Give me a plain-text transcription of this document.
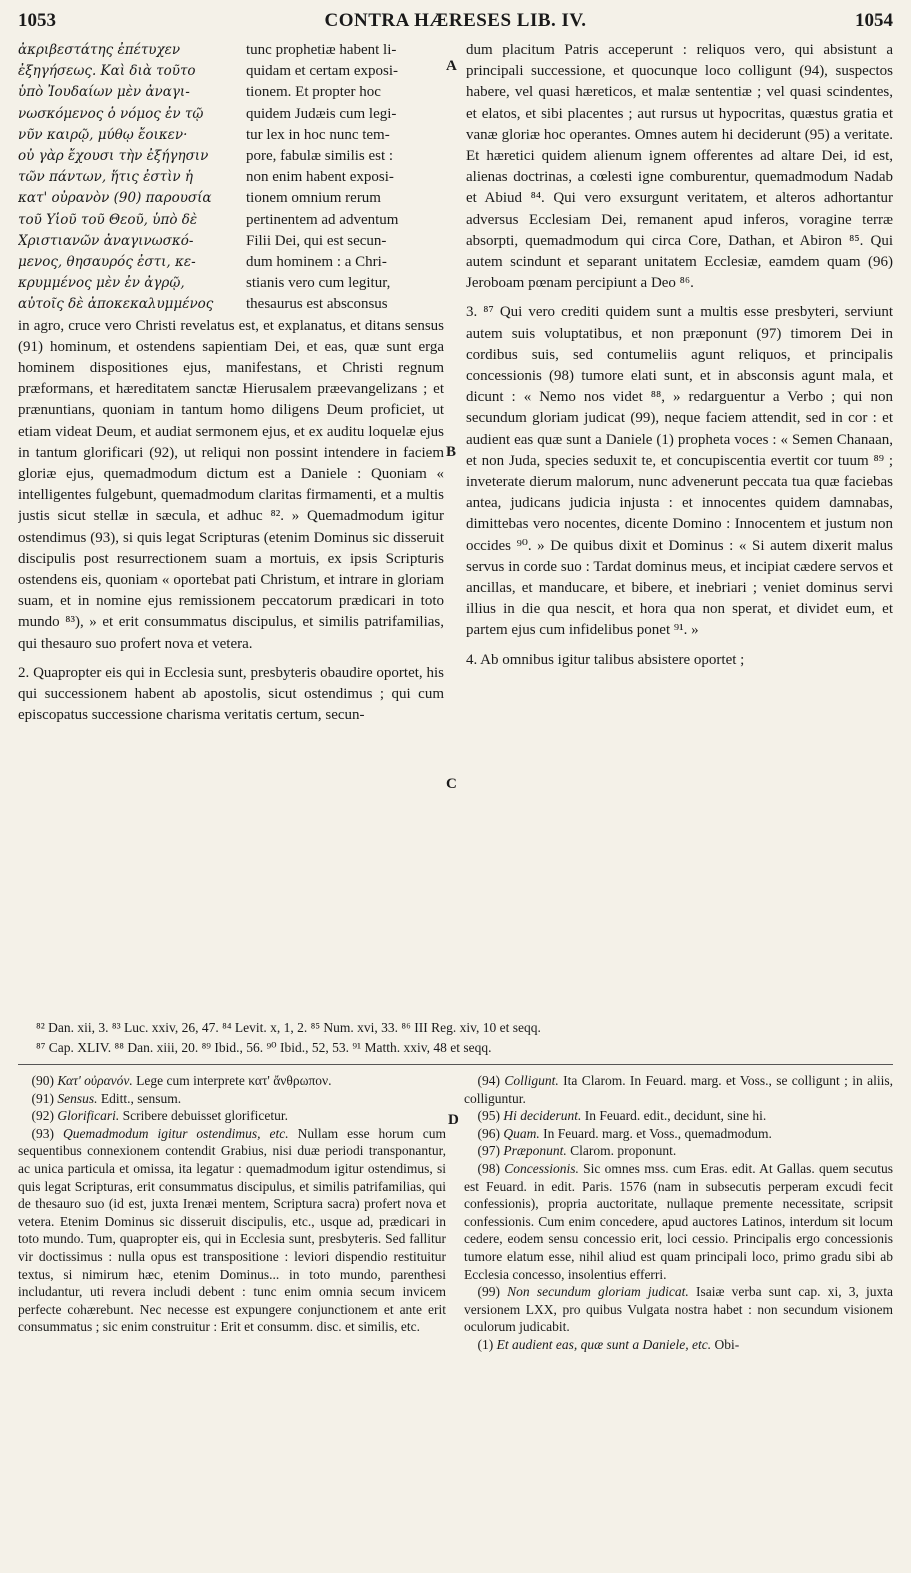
1053	CONTRA HÆRESES LIB. IV.	1054
A
B
C
ἀκριβεστάτης ἐπέτυχεν
ἐξηγήσεως. Καὶ διὰ τοῦτο
ὑπὸ Ἰουδαίων μὲν ἀναγι-
νωσκόμενος ὁ νόμος ἐν τῷ
νῦν καιρῷ, μύθῳ ἔοικεν·
οὐ γὰρ ἔχουσι τὴν ἐξήγησιν
τῶν πάντων, ἥτις ἐστὶν ἡ
κατ' οὐρανὸν (90) παρουσία
τοῦ Υἱοῦ τοῦ Θεοῦ, ὑπὸ δὲ
Χριστιανῶν ἀναγινωσκό-
μενος, θησαυρός ἐστι, κε-
κρυμμένος μὲν ἐν ἀγρῷ,
αὐτοῖς δὲ ἀποκεκαλυμμένος
tunc prophetiæ habent li-
quidam et certam exposi-
tionem. Et propter hoc
quidem Judæis cum legi-
tur lex in hoc nunc tem-
pore, fabulæ similis est :
non enim habent exposi-
tionem omnium rerum
pertinentem ad adventum
Filii Dei, qui est secun-
dum hominem : a Chri-
stianis vero cum legitur,
thesaurus est absconsus

in agro, cruce vero Christi revelatus est, et explanatus, et ditans sensus (91) hominum, et ostendens sapientiam Dei, et eas, quæ sunt erga hominem dispositiones ejus, manifestans, et Christi regnum præformans, et hæreditatem sanctæ Hierusalem præevangelizans ; et prænuntians, quoniam in tantum homo diligens Deum proficiet, ut etiam videat Deum, et audiat sermonem ejus, et ex auditu loquelæ ejus in tantum glorificari (92), ut reliqui non possint intendere in faciem gloriæ ejus, quemadmodum dictum est a Daniele : Quoniam « intelligentes fulgebunt, quemadmodum claritas firmamenti, et a multis justis sicut stellæ in sæcula, et adhuc ⁸². » Quemadmodum igitur ostendimus (93), si quis legat Scripturas (etenim Dominus sic disseruit discipulis post resurrectionem suam a mortuis, ex ipsis Scripturis ostendens eis, quoniam « oportebat pati Christum, et intrare in gloriam suam, et in nomine ejus remissionem peccatorum prædicari in toto mundo ⁸³), » et erit consummatus discipulus, et similis patrifamilias, qui thesauro suo profert nova et vetera.

2. Quapropter eis qui in Ecclesia sunt, presbyteris obaudire oportet, his qui successionem habent ab apostolis, sicut ostendimus ; qui cum episcopatus successione charisma veritatis certum, secun-

dum placitum Patris acceperunt : reliquos vero, qui absistunt a principali successione, et quocunque loco colligunt (94), suspectos habere, vel quasi hæreticos, et malæ sententiæ ; vel quasi scindentes, et elatos, et sibi placentes ; aut rursus ut hypocritas, quæstus gratia et vanæ gloriæ hoc operantes. Omnes autem hi deciderunt (95) a veritate. Et hæretici quidem alienum ignem offerentes ad altare Dei, id est, alienas doctrinas, a cœlesti igne comburentur, quemadmodum Nadab et Abiud ⁸⁴. Qui vero exsurgunt veritatem, et alteros adhortantur adversus Ecclesiam Dei, remanent apud inferos, voragine terræ absorpti, quemadmodum qui circa Core, Dathan, et Abiron ⁸⁵. Qui autem scindunt et separant unitatem Ecclesiæ, eamdem quam (96) Jeroboam pœnam percipiunt a Deo ⁸⁶.

3. ⁸⁷ Qui vero crediti quidem sunt a multis esse presbyteri, serviunt autem suis voluptatibus, et non præponunt (97) timorem Dei in cordibus suis, sed contumeliis agunt reliquos, et principalis concessionis (98) tumore elati sunt, et in absconsis agunt mala, et dicunt : « Nemo nos videt ⁸⁸, » redarguentur a Verbo ; qui non secundum gloriam judicat (99), neque faciem attendit, sed in cor : et audient eas quæ sunt a Daniele (1) propheta voces : « Semen Chanaan, et non Juda, species seduxit te, et concupiscentia evertit cor tuum ⁸⁹ ; inveterate dierum malorum, nunc advenerunt peccata tua quæ faciebas antea, judicans judicia injusta : et innocentes quidem damnabas, dimittebas vero nocentes, dicente Domino : Innocentem et justum non occides ⁹⁰. » De quibus dixit et Dominus : « Si autem dixerit malus servus in corde suo : Tardat dominus meus, et incipiat cædere servos et ancillas, et manducare, et bibere, et inebriari ; veniet dominus servi illius in die qua nescit, et hora qua non sperat, et dividet eum, et partem ejus cum infidelibus ponet ⁹¹. »

4. Ab omnibus igitur talibus absistere oportet ;

⁸² Dan. xii, 3. ⁸³ Luc. xxiv, 26, 47. ⁸⁴ Levit. x, 1, 2. ⁸⁵ Num. xvi, 33. ⁸⁶ III Reg. xiv, 10 et seqq.
⁸⁷ Cap. XLIV. ⁸⁸ Dan. xiii, 20. ⁸⁹ Ibid., 56. ⁹⁰ Ibid., 52, 53. ⁹¹ Matth. xxiv, 48 et seqq.
D

 (90) Κατ' οὐρανόν. Lege cum interprete κατ' ἄνθρωπον.

 (91) Sensus. Editt., sensum.

 (92) Glorificari. Scribere debuisset glorificetur.

 (93) Quemadmodum igitur ostendimus, etc. Nullam esse horum cum sequentibus connexionem contendit Grabius, nisi duæ periodi transponantur, ac unica particula et omissa, ita legatur : quemadmodum igitur ostendimus, si quis legat Scripturas, erit consummatus discipulus, et similis patrifamilias, qui de thesauro suo (id est, juxta Irenæi mentem, Scriptura sacra) profert nova et vetera. Etenim Dominus sic disseruit discipulis, etc., usque ad, prædicari in toto mundo. Tum, quapropter eis, qui in Ecclesia sunt, presbyteris. Sed fallitur vir doctissimus : nulla opus est transpositione : leviori dispendio restituitur textus, si nimirum hæc, etenim Dominus... in toto mundo, parenthesi includantur, uti revera includi debent : tunc enim omnia secum invicem perfecte cohærebunt. Nec necesse est expungere conjunctionem et ante erit consummatus ; sic enim construitur : Erit et consumm. disc. et similis, etc.

 (94) Colligunt. Ita Clarom. In Feuard. marg. et Voss., se colligunt ; in aliis, colliguntur.

 (95) Hi deciderunt. In Feuard. edit., decidunt, sine hi.

 (96) Quam. In Feuard. marg. et Voss., quemadmodum.

 (97) Præponunt. Clarom. proponunt.

 (98) Concessionis. Sic omnes mss. cum Eras. edit. At Gallas. quem secutus est Feuard. in edit. Paris. 1576 (nam in subsecutis perperam excudi fecit confessionis), propria auctoritate, nullaque premente necessitate, scripsit confessionis. Cum enim concedere, apud auctores Latinos, interdum sit locum cedere, eodem sensu concessio erit, loci cessio. Principalis ergo concessionis tumore elatum esse, nihil aliud est quam principali loco, primo gradu sibi ab Ecclesia concesso, insolentius efferri.

 (99) Non secundum gloriam judicat. Isaiæ verba sunt cap. xi, 3, juxta versionem LXX, pro quibus Vulgata nostra habet : non secundum visionem oculorum judicabit.

 (1) Et audient eas, quæ sunt a Daniele, etc. Obi-
